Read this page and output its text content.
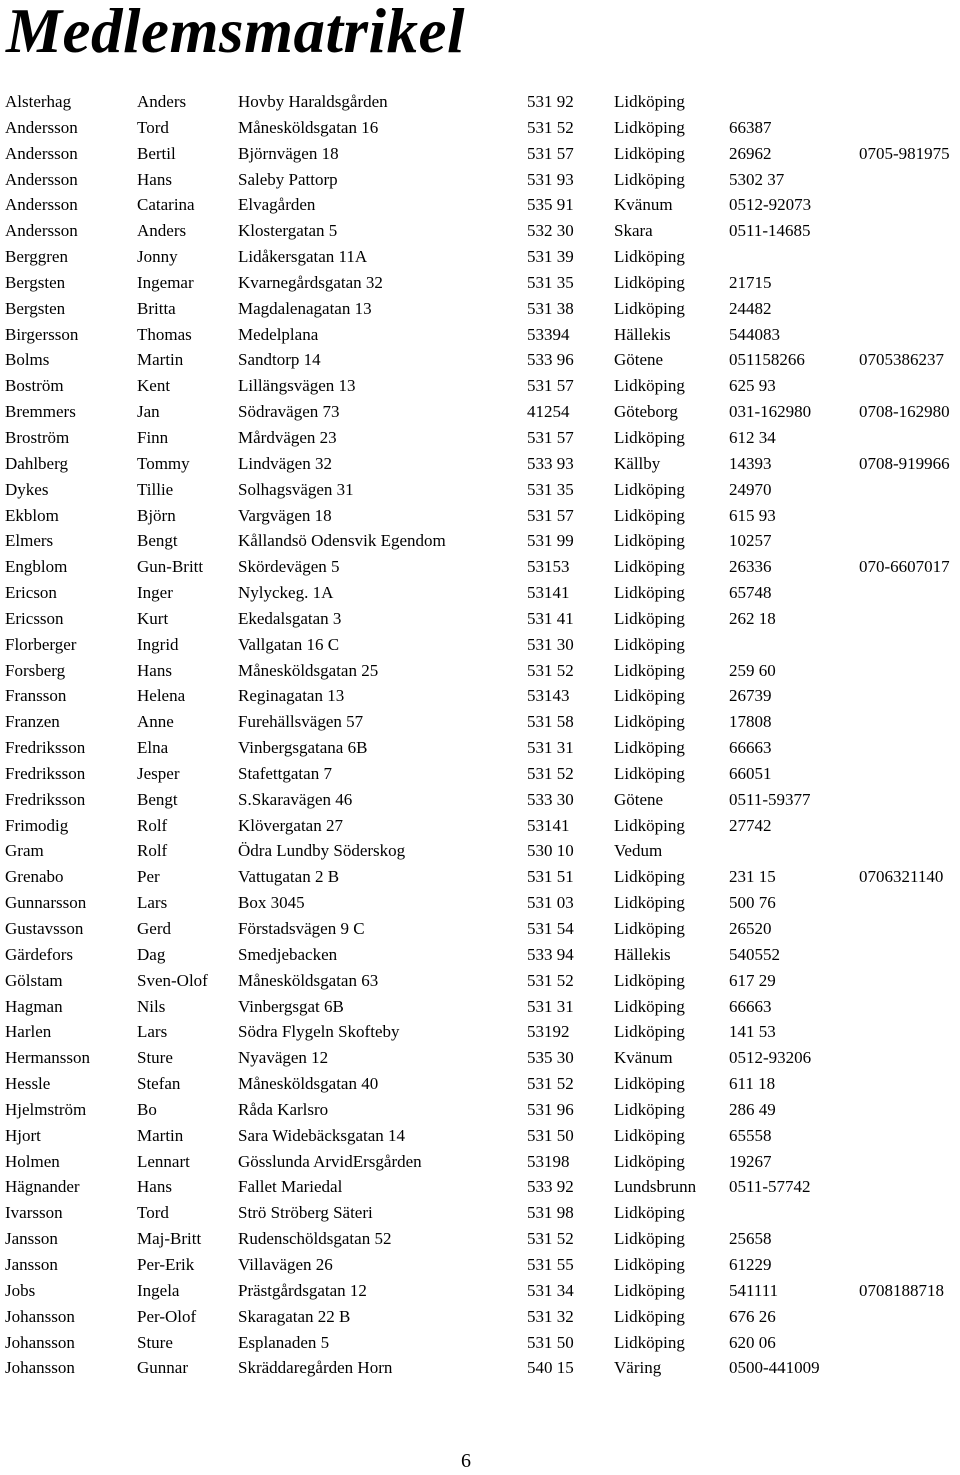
Medlemsmatrikel
Alsterhag	Anders	Hovby Haraldsgården	531 92 Lidköping
Andersson	Tord	Månesköldsgatan 16	531 52 Lidköping	66387
Andersson	Bertil	Björnvägen 18	531 57 Lidköping	26962	0705-981975
Andersson	Hans	Saleby Pattorp	531 93 Lidköping	5302 37
Andersson	Catarina	Elvagården	535 91 Kvänum	0512-92073
Andersson	Anders	Klostergatan 5	532 30 Skara	0511-14685
Berggren	Jonny	Lidåkersgatan 11A	531 39 Lidköping
Bergsten	Ingemar	Kvarnegårdsgatan 32	531 35 Lidköping	21715
Bergsten	Britta	Magdalenagatan 13	531 38 Lidköping	24482
Birgersson	Thomas	Medelplana	53394	Hällekis	544083
Bolms	Martin	Sandtorp 14	533 96 Götene	051158266	0705386237
Boström	Kent	Lillängsvägen 13	531 57 Lidköping	625 93
Bremmers	Jan	Södravägen 73	41254	Göteborg	031-162980	0708-162980
Broström	Finn	Mårdvägen 23	531 57 Lidköping	612 34
Dahlberg	Tommy	Lindvägen 32	533 93 Källby	14393	0708-919966
Dykes	Tillie	Solhagsvägen 31	531 35 Lidköping	24970
Ekblom	Björn	Vargvägen 18	531 57 Lidköping	615 93
Elmers	Bengt	Kållandsö Odensvik Egendom	531 99 Lidköping	10257
Engblom	Gun-Britt Skördevägen 5	53153	Lidköping	26336	070-6607017
Ericson	Inger	Nylyckeg. 1A	53141	Lidköping	65748
Ericsson	Kurt	Ekedalsgatan 3	531 41 Lidköping	262 18
Florberger	Ingrid	Vallgatan 16 C	531 30 Lidköping
Forsberg	Hans	Månesköldsgatan 25	531 52 Lidköping	259 60
Fransson	Helena	Reginagatan 13	53143	Lidköping	26739
Franzen	Anne	Furehällsvägen 57	531 58 Lidköping	17808
Fredriksson	Elna	Vinbergsgatana 6B	531 31 Lidköping	66663
Fredriksson	Jesper	Stafettgatan 7	531 52 Lidköping	66051
Fredriksson	Bengt	S.Skaravägen 46	533 30 Götene	0511-59377
Frimodig	Rolf	Klövergatan 27	53141	Lidköping	27742
Gram	Rolf	Ödra Lundby Söderskog	530 10 Vedum
Grenabo	Per	Vattugatan 2 B	531 51 Lidköping	231 15	0706321140
Gunnarsson	Lars	Box 3045	531 03 Lidköping	500 76
Gustavsson	Gerd	Förstadsvägen 9 C	531 54 Lidköping	26520
Gärdefors	Dag	Smedjebacken	533 94 Hällekis	540552
Gölstam	Sven-Olof Månesköldsgatan 63	531 52 Lidköping	617 29
Hagman	Nils	Vinbergsgat 6B	531 31 Lidköping	66663
Harlen	Lars	Södra Flygeln Skofteby	53192	Lidköping	141 53
Hermansson	Sture	Nyavägen 12	535 30 Kvänum	0512-93206
Hessle	Stefan	Månesköldsgatan 40	531 52 Lidköping	611 18
Hjelmström	Bo	Råda Karlsro	531 96 Lidköping	286 49
Hjort	Martin	Sara Widebäcksgatan 14	531 50 Lidköping	65558
Holmen	Lennart	Gösslunda ArvidErsgården	53198	Lidköping	19267
Hägnander	Hans	Fallet Mariedal	533 92 Lundsbrunn 0511-57742
Ivarsson	Tord	Strö Ströberg Säteri	531 98 Lidköping
Jansson	Maj-Britt Rudenschöldsgatan 52	531 52 Lidköping	25658
Jansson	Per-Erik	Villavägen 26	531 55 Lidköping	61229
Jobs	Ingela	Prästgårdsgatan 12	531 34 Lidköping	541111	0708188718
Johansson	Per-Olof Skaragatan 22 B	531 32 Lidköping	676 26
Johansson	Sture	Esplanaden 5	531 50 Lidköping	620 06
Johansson	Gunnar	Skräddaregården Horn	540 15 Väring	0500-441009
6
